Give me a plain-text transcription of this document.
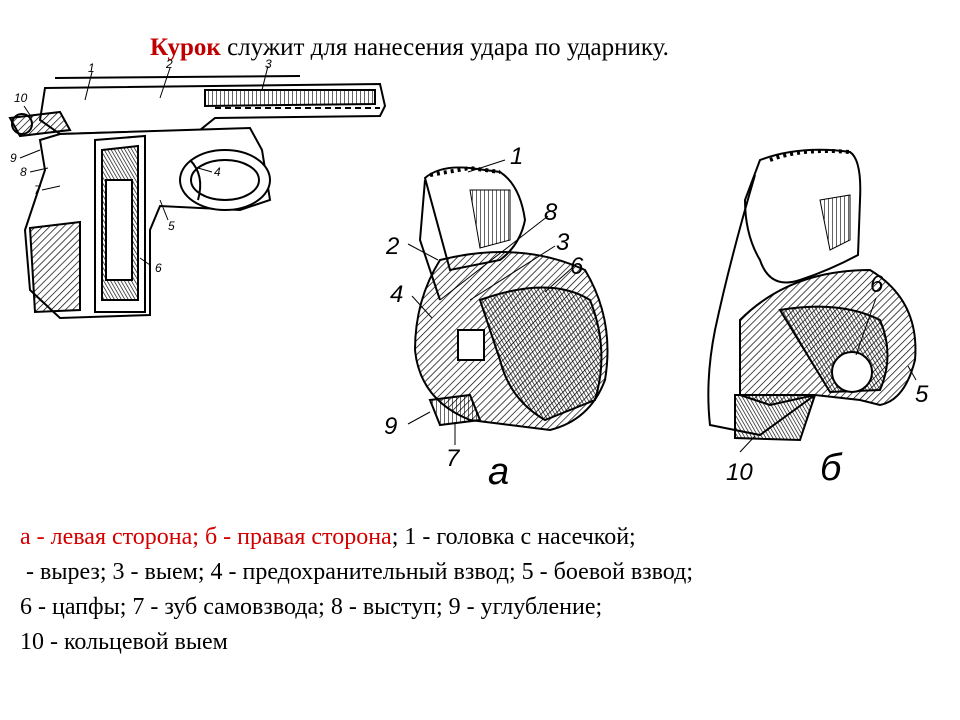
Курок служит для нанесения удара по ударнику.
1	2	3
10
9
8
7
4
5
6
1
8
2	3
6
4
9
7 а
6
5
10 б
а - левая сторона; б - правая сторона; 1 - головка с насечкой;
- вырез; 3 - выем; 4 - предохранительный взвод; 5 - боевой взвод;
6 - цапфы; 7 - зуб самовзвода; 8 - выступ; 9 - углубление;
10 - кольцевой выем
